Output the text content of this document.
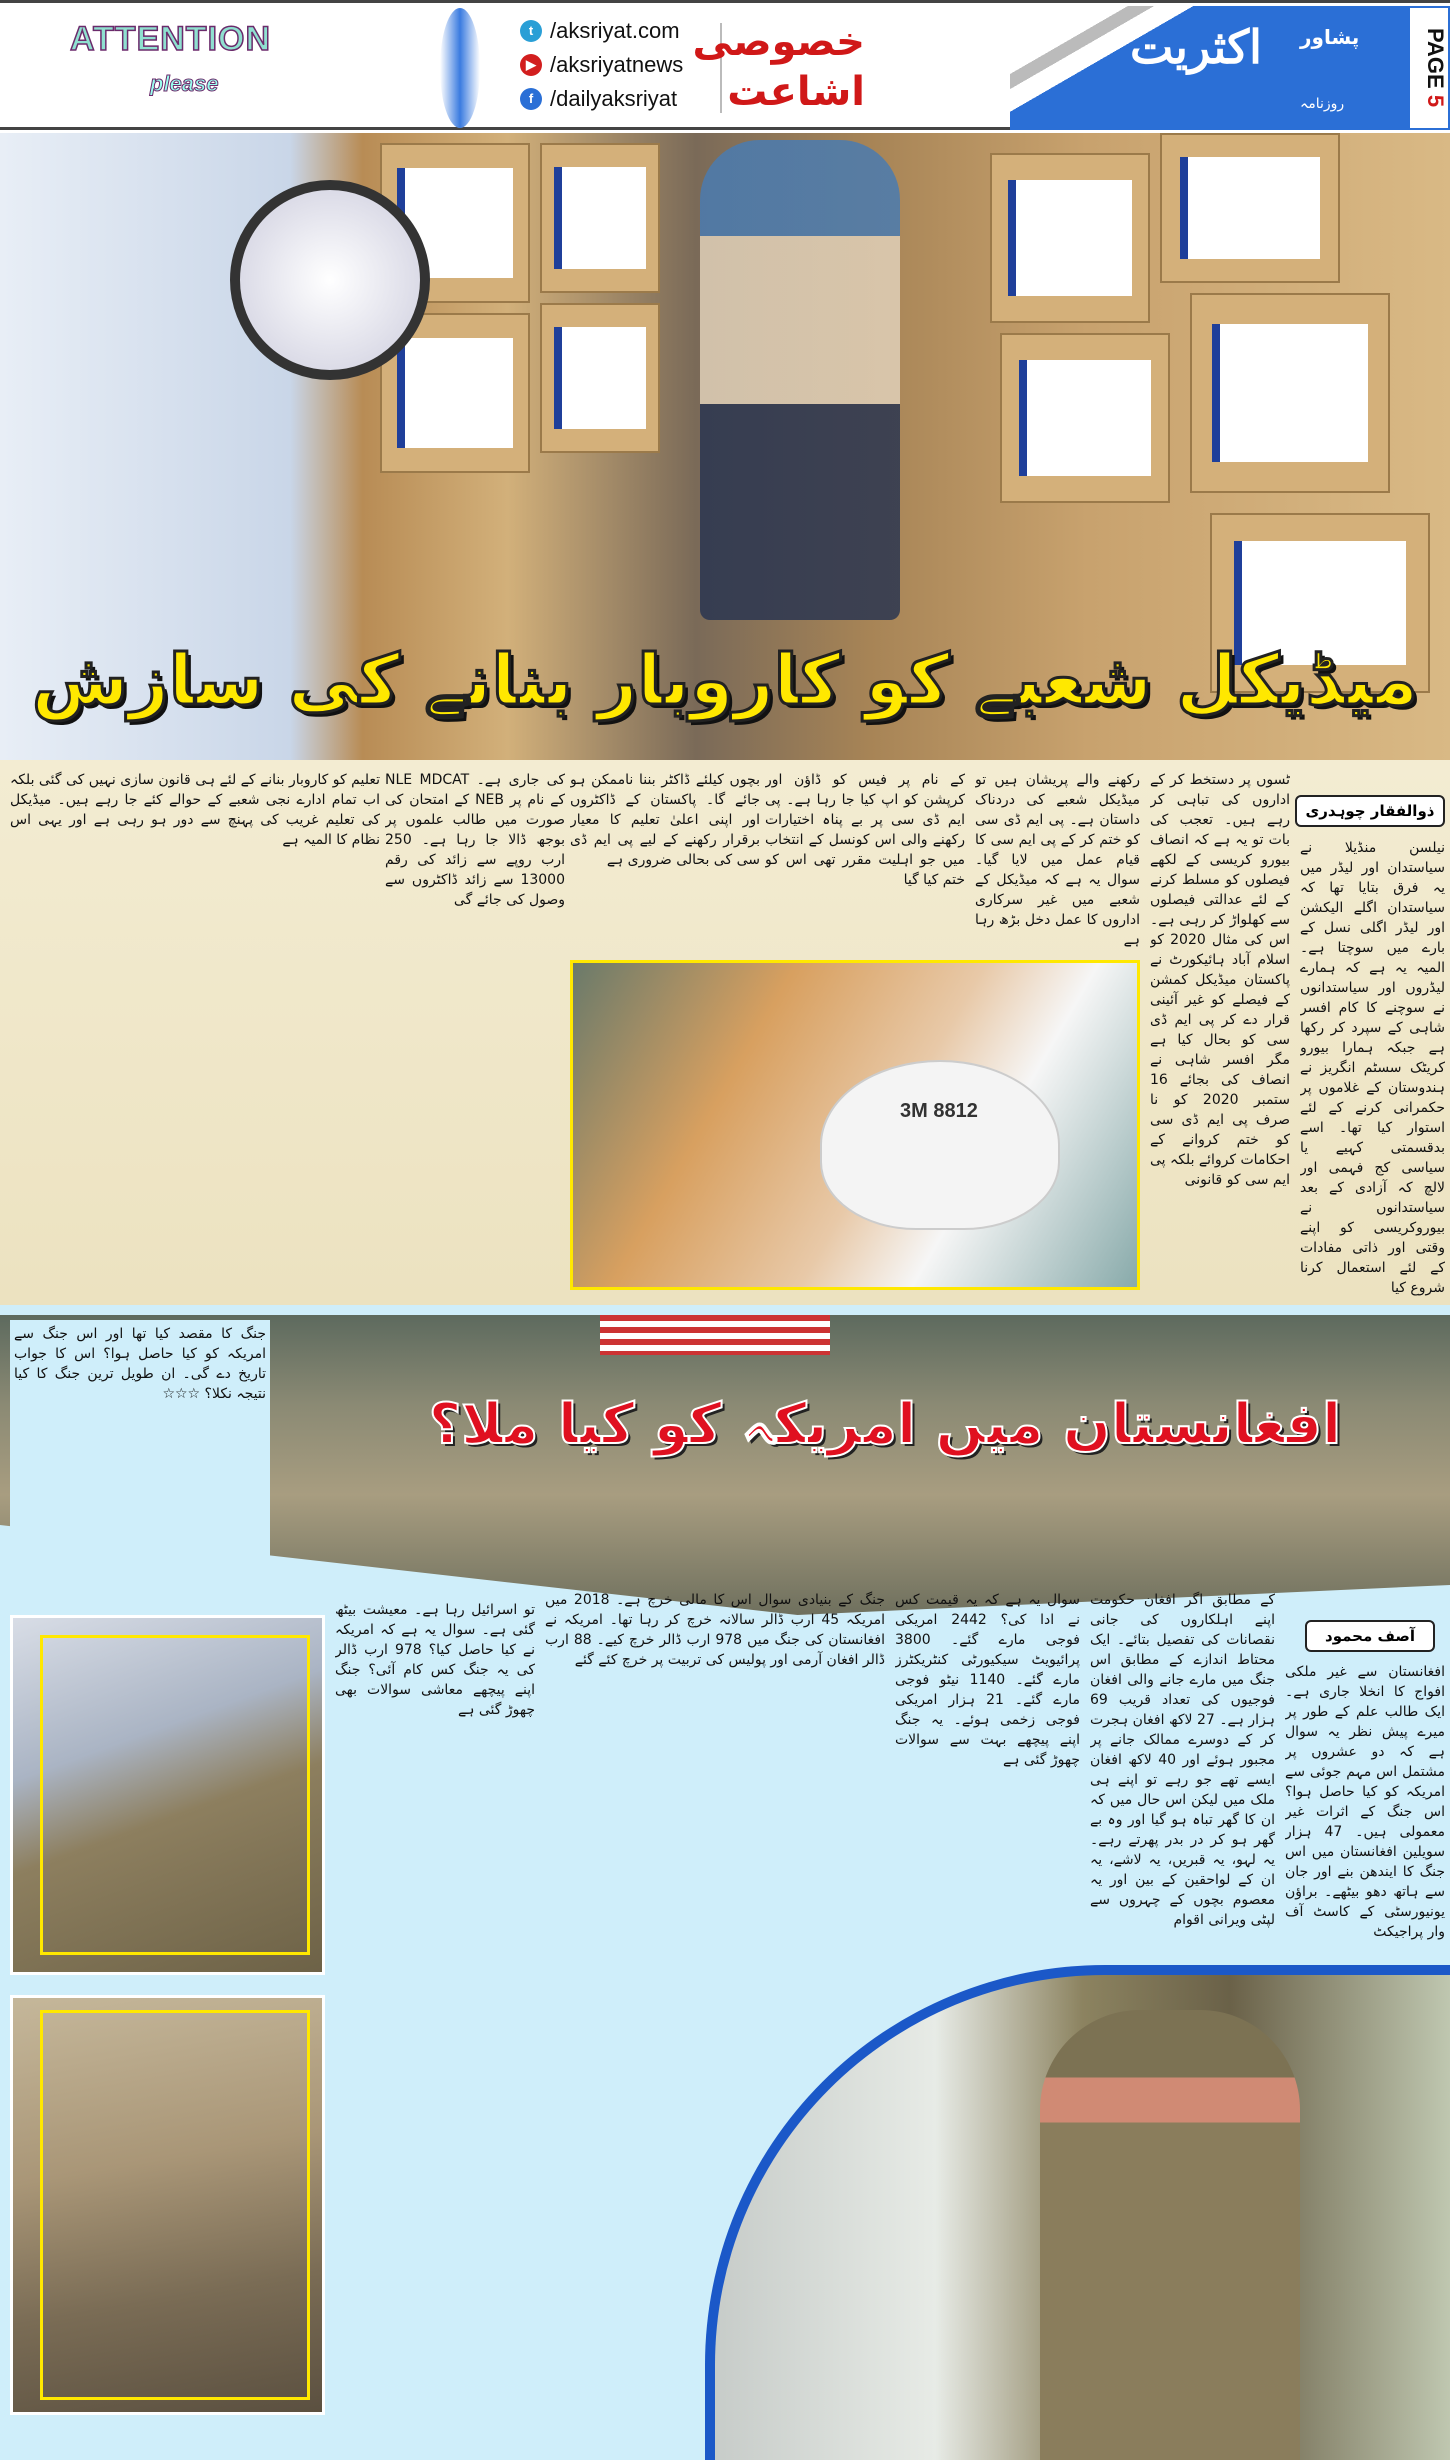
ATTENTION
please
t /aksriyat.com
▶ /aksriyatnews
f /dailyaksriyat
خصوصی
اشاعت
اکثریت پشاور
روزنامہ
PAGE 5
میڈیکل شعبے کو کاروبار بنانے کی سازش
ذوالفقار چوہدری
نیلسن منڈیلا نے سیاستدان اور لیڈر میں یہ فرق بتایا تھا کہ سیاستدان اگلے الیکشن اور لیڈر اگلی نسل کے بارے میں سوچتا ہے۔ المیہ یہ ہے کہ ہمارے لیڈروں اور سیاستدانوں نے سوچنے کا کام افسر شاہی کے سپرد کر رکھا ہے جبکہ ہمارا بیورو کریٹک سسٹم انگریز نے ہندوستان کے غلاموں پر حکمرانی کرنے کے لئے استوار کیا تھا۔ اسے بدقسمتی کہیے یا سیاسی کج فہمی اور لالچ کہ آزادی کے بعد سیاستدانوں نے بیوروکریسی کو اپنے وقتی اور ذاتی مفادات کے لئے استعمال کرنا شروع کیا
ٹسوں پر دستخط کر کے اداروں کی تباہی کر رہے ہیں۔ تعجب کی بات تو یہ ہے کہ انصاف بیورو کریسی کے لکھے فیصلوں کو مسلط کرنے کے لئے عدالتی فیصلوں سے کھلواڑ کر رہی ہے۔ اس کی مثال 2020 کو اسلام آباد ہائیکورٹ نے پاکستان میڈیکل کمشن کے فیصلے کو غیر آئینی قرار دے کر پی ایم ڈی سی کو بحال کیا ہے مگر افسر شاہی نے انصاف کی بجائے 16 ستمبر 2020 کو نا صرف پی ایم ڈی سی کو ختم کروانے کے احکامات کروائے بلکہ پی ایم سی کو قانونی
رکھنے والے پریشان ہیں تو میڈیکل شعبے کی دردناک داستان ہے۔ پی ایم ڈی سی کو ختم کر کے پی ایم سی کا قیام عمل میں لایا گیا۔ سوال یہ ہے کہ میڈیکل کے شعبے میں غیر سرکاری اداروں کا عمل دخل بڑھ رہا ہے
کے نام پر فیس کو ڈاؤن اور کرپشن کو اپ کیا جا رہا ہے۔ پی ایم ڈی سی پر بے پناہ اختیارات رکھنے والی اس کونسل کے انتخاب میں جو اہلیت مقرر تھی اس کو ختم کیا گیا
بچوں کیلئے ڈاکٹر بننا ناممکن ہو جائے گا۔ پاکستان کے ڈاکٹروں اور اپنی اعلیٰ تعلیم کا معیار برقرار رکھنے کے لیے پی ایم ڈی سی کی بحالی ضروری ہے
کی جاری ہے۔ NLE MDCAT کے نام پر NEB کے امتحان کی صورت میں طالب علموں پر بوجھ ڈالا جا رہا ہے۔ 250 ارب روپے سے زائد کی رقم 13000 سے زائد ڈاکٹروں سے وصول کی جائے گی
تعلیم کو کاروبار بنانے کے لئے ہی قانون سازی نہیں کی گئی بلکہ اب تمام ادارے نجی شعبے کے حوالے کئے جا رہے ہیں۔ میڈیکل کی تعلیم غریب کی پہنچ سے دور ہو رہی ہے اور یہی اس نظام کا المیہ ہے
3M 8812
افغانستان میں امریکہ کو کیا ملا؟
آصف محمود
افغانستان سے غیر ملکی افواج کا انخلا جاری ہے۔ ایک طالب علم کے طور پر میرے پیش نظر یہ سوال ہے کہ دو عشروں پر مشتمل اس مہم جوئی سے امریکہ کو کیا حاصل ہوا؟ اس جنگ کے اثرات غیر معمولی ہیں۔ 47 ہزار سویلین افغانستان میں اس جنگ کا ایندھن بنے اور جان سے ہاتھ دھو بیٹھے۔ براؤن یونیورسٹی کے کاسٹ آف وار پراجیکٹ
کے مطابق اگر افغان حکومت اپنے اہلکاروں کی جانی نقصانات کی تفصیل بتائے۔ ایک محتاط اندازے کے مطابق اس جنگ میں مارے جانے والی افغان فوجیوں کی تعداد قریب 69 ہزار ہے۔ 27 لاکھ افغان ہجرت کر کے دوسرے ممالک جانے پر مجبور ہوئے اور 40 لاکھ افغان ایسے تھے جو رہے تو اپنے ہی ملک میں لیکن اس حال میں کہ ان کا گھر تباہ ہو گیا اور وہ بے گھر ہو کر در بدر پھرتے رہے۔ یہ لہو، یہ قبریں، یہ لاشے، یہ ان کے لواحقین کے بین اور یہ معصوم بچوں کے چہروں سے لپٹی ویرانی اقوام
سوال یہ ہے کہ یہ قیمت کس نے ادا کی؟ 2442 امریکی فوجی مارے گئے۔ 3800 پرائیویٹ سیکیورٹی کنٹریکٹرز مارے گئے۔ 1140 نیٹو فوجی مارے گئے۔ 21 ہزار امریکی فوجی زخمی ہوئے۔ یہ جنگ اپنے پیچھے بہت سے سوالات چھوڑ گئی ہے
جنگ کے بنیادی سوال اس کا مالی خرچ ہے۔ 2018 میں امریکہ 45 ارب ڈالر سالانہ خرچ کر رہا تھا۔ امریکہ نے افغانستان کی جنگ میں 978 ارب ڈالر خرچ کیے۔ 88 ارب ڈالر افغان آرمی اور پولیس کی تربیت پر خرچ کئے گئے
تو اسرائیل رہا ہے۔ معیشت بیٹھ گئی ہے۔ سوال یہ ہے کہ امریکہ نے کیا حاصل کیا؟ 978 ارب ڈالر کی یہ جنگ کس کام آئی؟ جنگ اپنے پیچھے معاشی سوالات بھی چھوڑ گئی ہے
جنگ کا مقصد کیا تھا اور اس جنگ سے امریکہ کو کیا حاصل ہوا؟ اس کا جواب تاریخ دے گی۔ ان طویل ترین جنگ کا کیا نتیجہ نکلا؟ ☆☆☆
